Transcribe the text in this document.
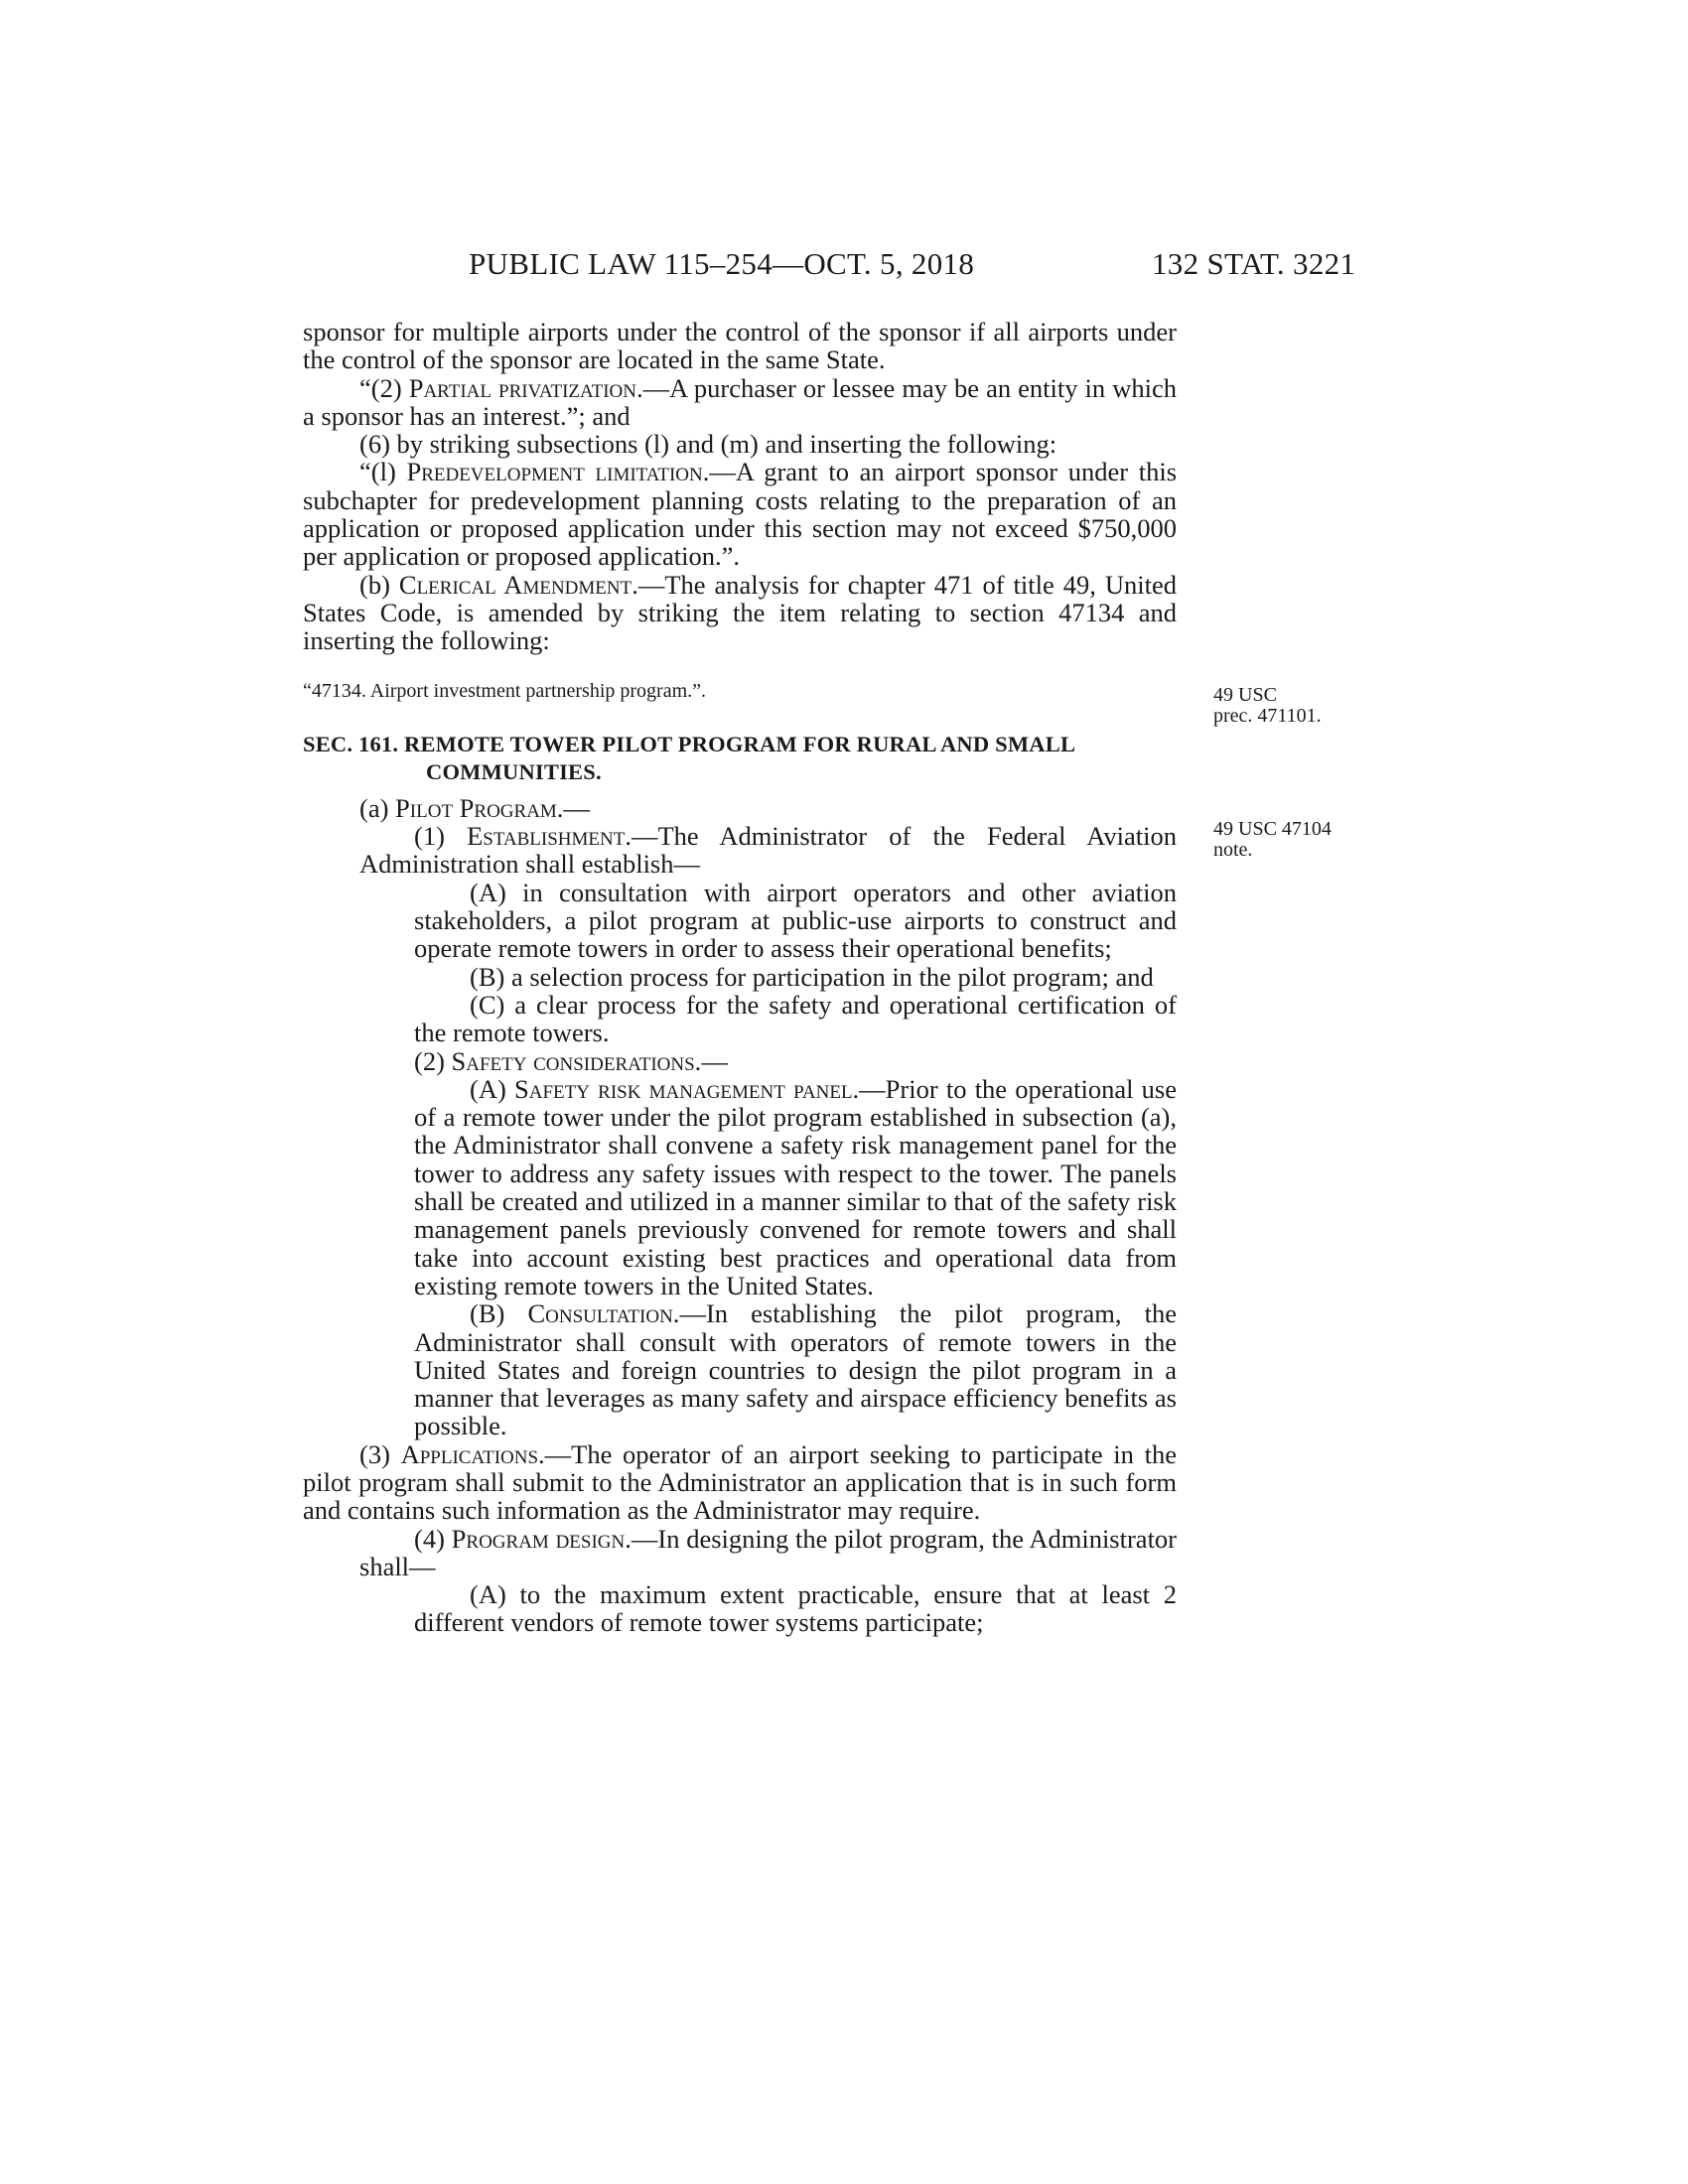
PUBLIC LAW 115–254—OCT. 5, 2018	132 STAT. 3221

sponsor for multiple airports under the control of the sponsor if all airports under the control of the sponsor are located in the same State.

“(2) Partial privatization.—A purchaser or lessee may be an entity in which a sponsor has an interest.”; and

(6) by striking subsections (l) and (m) and inserting the following:

“(l) Predevelopment limitation.—A grant to an airport sponsor under this subchapter for predevelopment planning costs relating to the preparation of an application or proposed application under this section may not exceed $750,000 per application or proposed application.”.

(b) Clerical Amendment.—The analysis for chapter 471 of title 49, United States Code, is amended by striking the item relating to section 47134 and inserting the following:

“47134. Airport investment partnership program.”.

SEC. 161. REMOTE TOWER PILOT PROGRAM FOR RURAL AND SMALL
COMMUNITIES.

(a) Pilot Program.—

(1) Establishment.—The Administrator of the Federal Aviation Administration shall establish—

(A) in consultation with airport operators and other aviation stakeholders, a pilot program at public-use airports to construct and operate remote towers in order to assess their operational benefits;

(B) a selection process for participation in the pilot program; and

(C) a clear process for the safety and operational certification of the remote towers.

(2) Safety considerations.—

(A) Safety risk management panel.—Prior to the operational use of a remote tower under the pilot program established in subsection (a), the Administrator shall convene a safety risk management panel for the tower to address any safety issues with respect to the tower. The panels shall be created and utilized in a manner similar to that of the safety risk management panels previously convened for remote towers and shall take into account existing best practices and operational data from existing remote towers in the United States.

(B) Consultation.—In establishing the pilot program, the Administrator shall consult with operators of remote towers in the United States and foreign countries to design the pilot program in a manner that leverages as many safety and airspace efficiency benefits as possible.

(3) Applications.—The operator of an airport seeking to participate in the pilot program shall submit to the Administrator an application that is in such form and contains such information as the Administrator may require.

(4) Program design.—In designing the pilot program, the Administrator shall—

(A) to the maximum extent practicable, ensure that at least 2 different vendors of remote tower systems participate;

49 USC
prec. 471101.
49 USC 47104
note.
